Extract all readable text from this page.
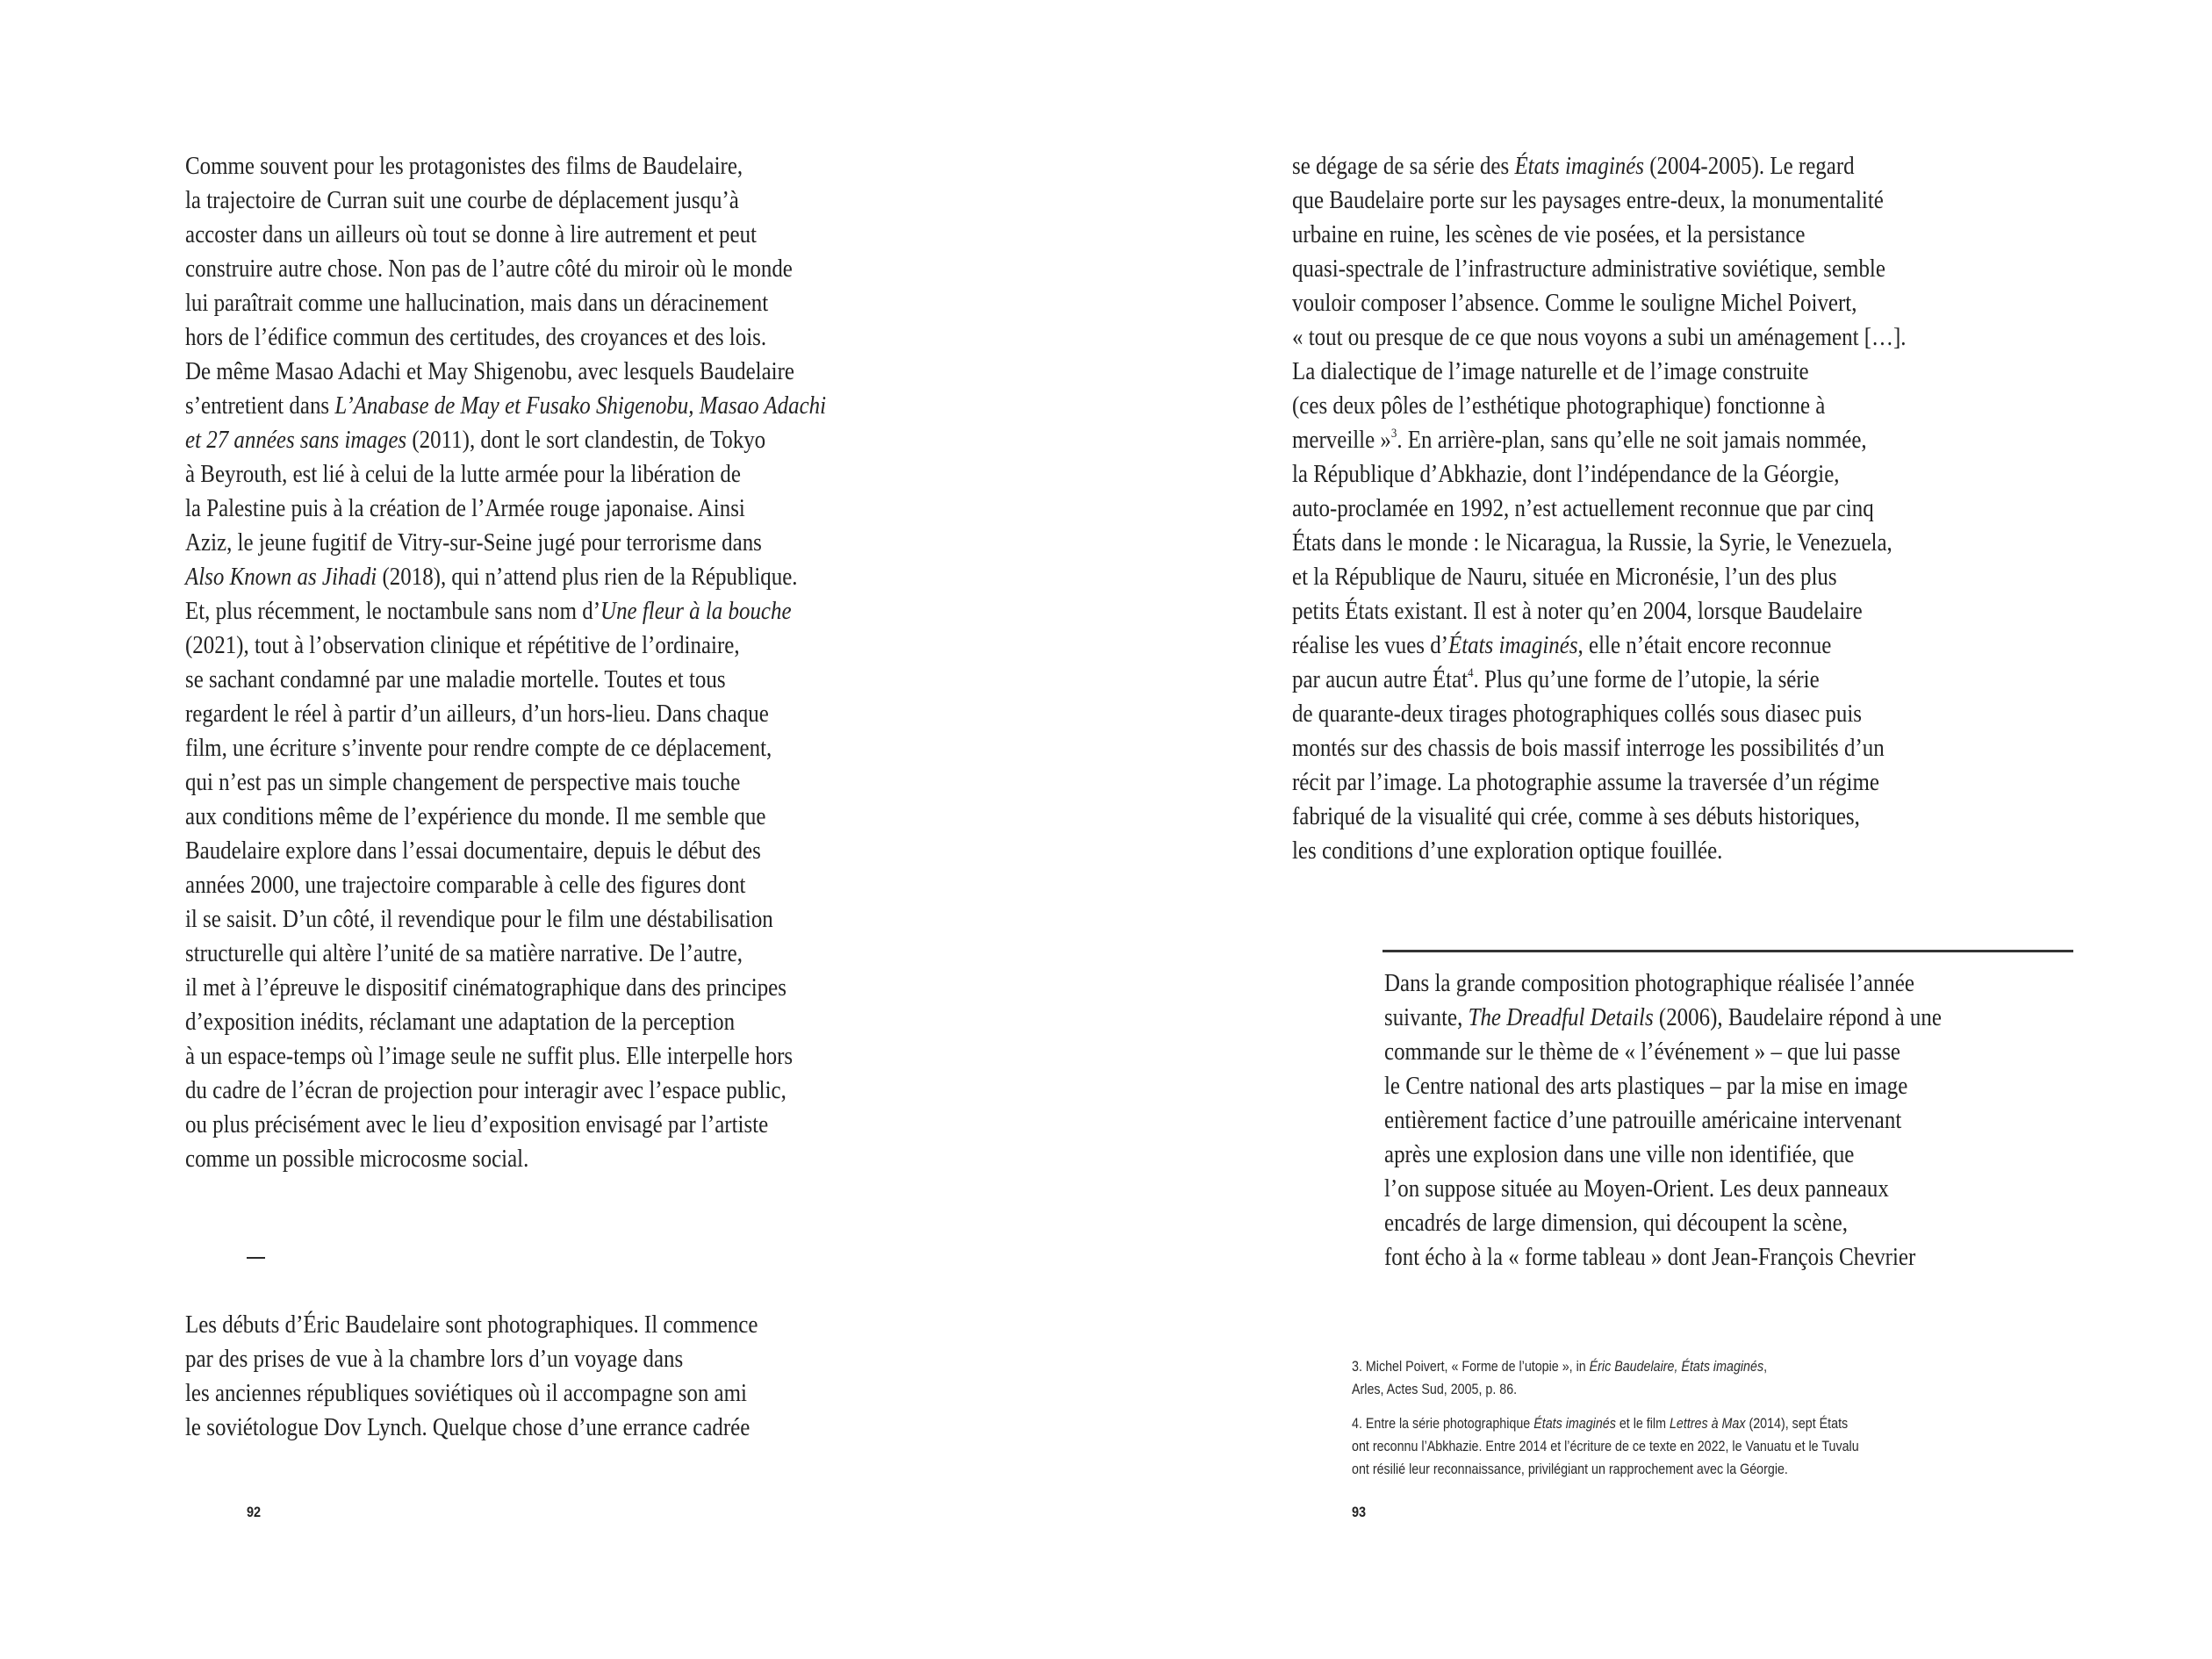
Comme souvent pour les protagonistes des films de Baudelaire,
la trajectoire de Curran suit une courbe de déplacement jusqu’à
accoster dans un ailleurs où tout se donne à lire autrement et peut
construire autre chose. Non pas de l’autre côté du miroir où le monde
lui paraîtrait comme une hallucination, mais dans un déracinement
hors de l’édifice commun des certitudes, des croyances et des lois.
De même Masao Adachi et May Shigenobu, avec lesquels Baudelaire
s’entretient dans L’Anabase de May et Fusako Shigenobu, Masao Adachi
et 27 années sans images (2011), dont le sort clandestin, de Tokyo
à Beyrouth, est lié à celui de la lutte armée pour la libération de
la Palestine puis à la création de l’Armée rouge japonaise. Ainsi
Aziz, le jeune fugitif de Vitry-sur-Seine jugé pour terrorisme dans
Also Known as Jihadi (2018), qui n’attend plus rien de la République.
Et, plus récemment, le noctambule sans nom d’Une fleur à la bouche
(2021), tout à l’observation clinique et répétitive de l’ordinaire,
se sachant condamné par une maladie mortelle. Toutes et tous
regardent le réel à partir d’un ailleurs, d’un hors-lieu. Dans chaque
film, une écriture s’invente pour rendre compte de ce déplacement,
qui n’est pas un simple changement de perspective mais touche
aux conditions même de l’expérience du monde. Il me semble que
Baudelaire explore dans l’essai documentaire, depuis le début des
années 2000, une trajectoire comparable à celle des figures dont
il se saisit. D’un côté, il revendique pour le film une déstabilisation
structurelle qui altère l’unité de sa matière narrative. De l’autre,
il met à l’épreuve le dispositif cinématographique dans des principes
d’exposition inédits, réclamant une adaptation de la perception
à un espace-temps où l’image seule ne suffit plus. Elle interpelle hors
du cadre de l’écran de projection pour interagir avec l’espace public,
ou plus précisément avec le lieu d’exposition envisagé par l’artiste
comme un possible microcosme social.
Les débuts d’Éric Baudelaire sont photographiques. Il commence
par des prises de vue à la chambre lors d’un voyage dans
les anciennes républiques soviétiques où il accompagne son ami
le soviétologue Dov Lynch. Quelque chose d’une errance cadrée
92
se dégage de sa série des États imaginés (2004-2005). Le regard
que Baudelaire porte sur les paysages entre-deux, la monumentalité
urbaine en ruine, les scènes de vie posées, et la persistance
quasi-spectrale de l’infrastructure administrative soviétique, semble
vouloir composer l’absence. Comme le souligne Michel Poivert,
« tout ou presque de ce que nous voyons a subi un aménagement […].
La dialectique de l’image naturelle et de l’image construite
(ces deux pôles de l’esthétique photographique) fonctionne à
merveille »$^3$. En arrière-plan, sans qu’elle ne soit jamais nommée,
la République d’Abkhazie, dont l’indépendance de la Géorgie,
auto-proclamée en 1992, n’est actuellement reconnue que par cinq
États dans le monde : le Nicaragua, la Russie, la Syrie, le Venezuela,
et la République de Nauru, située en Micronésie, l’un des plus
petits États existant. Il est à noter qu’en 2004, lorsque Baudelaire
réalise les vues d’États imaginés, elle n’était encore reconnue
par aucun autre État$^4$. Plus qu’une forme de l’utopie, la série
de quarante-deux tirages photographiques collés sous diasec puis
montés sur des chassis de bois massif interroge les possibilités d’un
récit par l’image. La photographie assume la traversée d’un régime
fabriqué de la visualité qui crée, comme à ses débuts historiques,
les conditions d’une exploration optique fouillée.
Dans la grande composition photographique réalisée l’année
suivante, The Dreadful Details (2006), Baudelaire répond à une
commande sur le thème de « l’événement » – que lui passe
le Centre national des arts plastiques – par la mise en image
entièrement factice d’une patrouille américaine intervenant
après une explosion dans une ville non identifiée, que
l’on suppose située au Moyen-Orient. Les deux panneaux
encadrés de large dimension, qui découpent la scène,
font écho à la « forme tableau » dont Jean-François Chevrier
3. Michel Poivert, « Forme de l’utopie », in Éric Baudelaire, États imaginés,
Arles, Actes Sud, 2005, p. 86.
4. Entre la série photographique États imaginés et le film Lettres à Max (2014), sept États
ont reconnu l’Abkhazie. Entre 2014 et l’écriture de ce texte en 2022, le Vanuatu et le Tuvalu
ont résilié leur reconnaissance, privilégiant un rapprochement avec la Géorgie.
93
